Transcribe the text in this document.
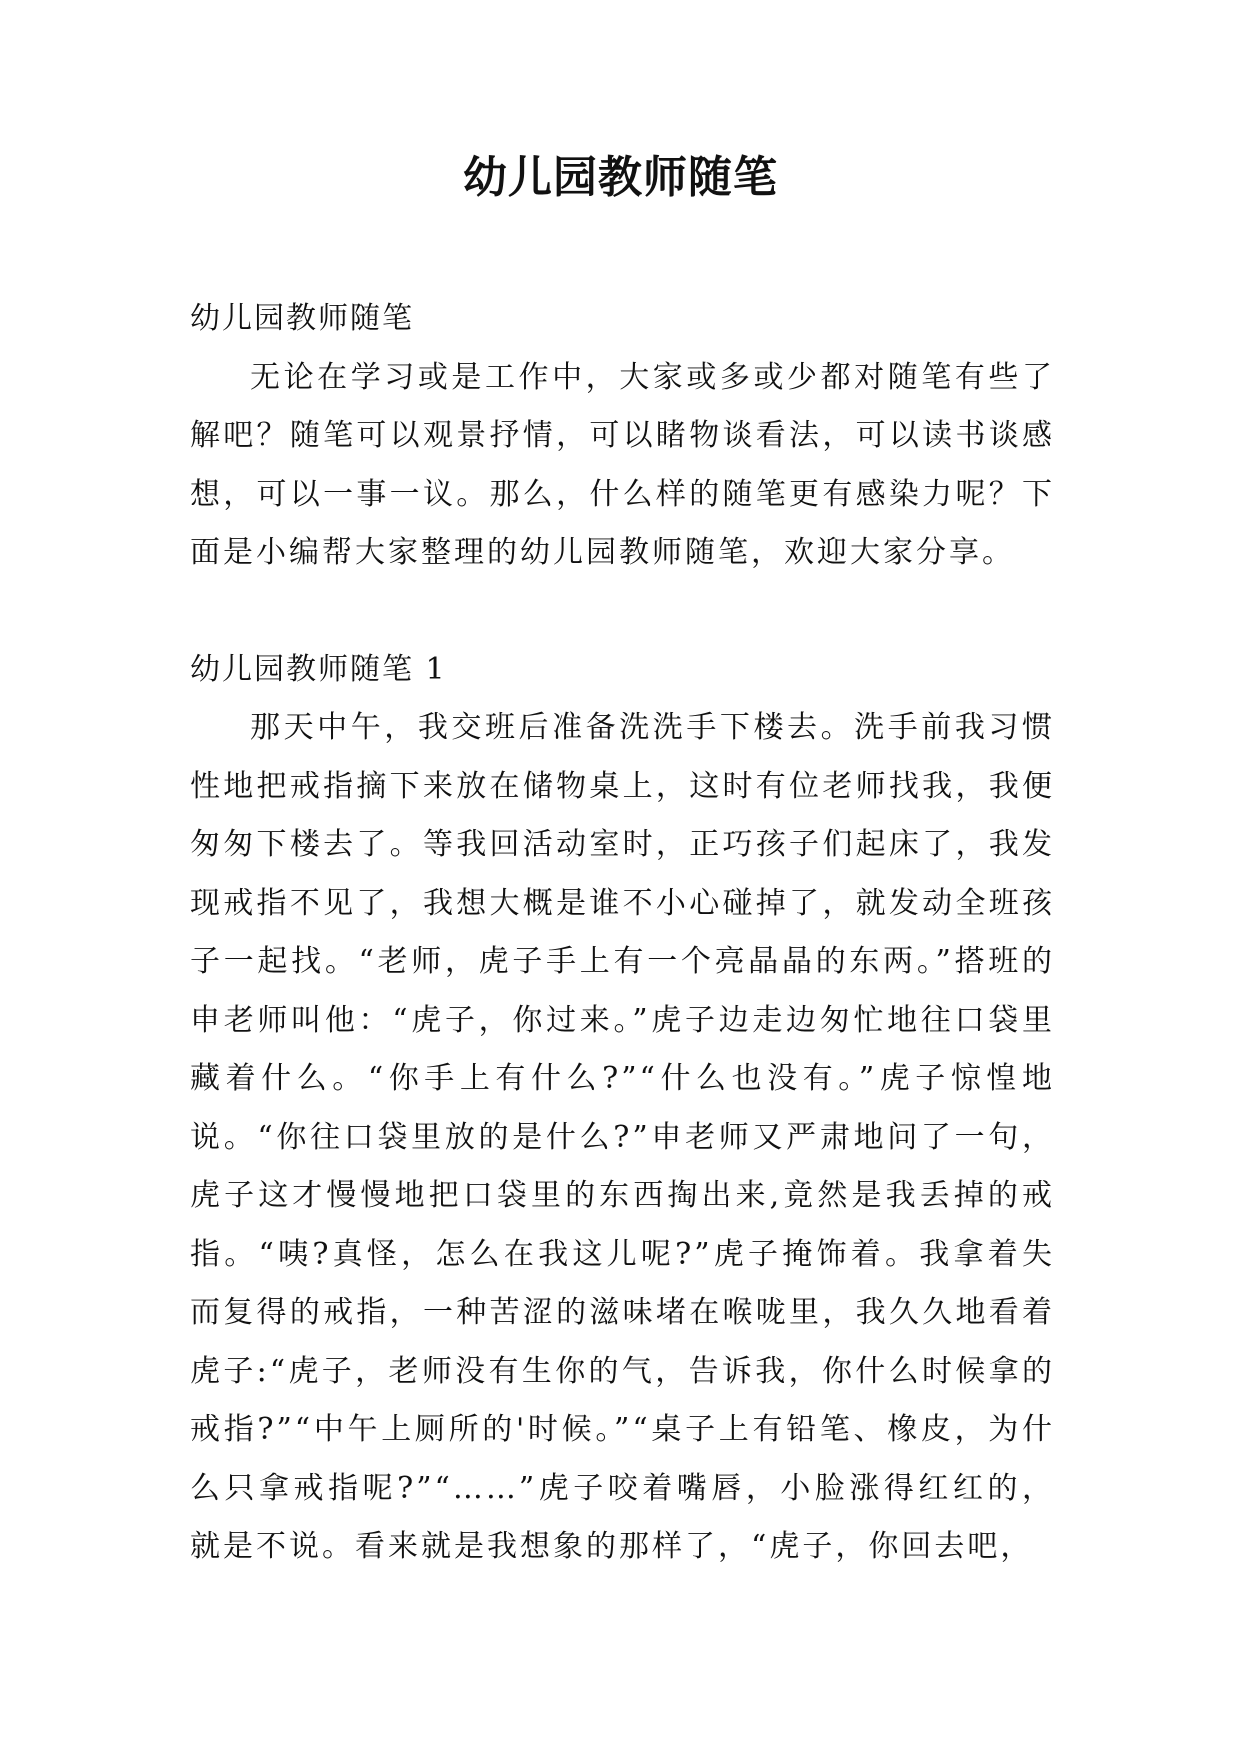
幼儿园教师随笔
幼儿园教师随笔

无论在学习或是工作中，大家或多或少都对随笔有些了解吧？随笔可以观景抒情，可以睹物谈看法，可以读书谈感想，可以一事一议。那么，什么样的随笔更有感染力呢？下面是小编帮大家整理的幼儿园教师随笔，欢迎大家分享。

幼儿园教师随笔 1

那天中午，我交班后准备洗洗手下楼去。洗手前我习惯性地把戒指摘下来放在储物桌上，这时有位老师找我，我便匆匆下楼去了。等我回活动室时，正巧孩子们起床了，我发现戒指不见了，我想大概是谁不小心碰掉了，就发动全班孩子一起找。“老师，虎子手上有一个亮晶晶的东两。”搭班的申老师叫他：“虎子，你过来。”虎子边走边匆忙地往口袋里藏着什么。“你手上有什么?”“什么也没有。”虎子惊惶地说。“你往口袋里放的是什么?”申老师又严肃地问了一句，虎子这才慢慢地把口袋里的东西掏出来,竟然是我丢掉的戒指。“咦?真怪，怎么在我这儿呢?”虎子掩饰着。我拿着失而复得的戒指，一种苦涩的滋味堵在喉咙里，我久久地看着虎子:“虎子，老师没有生你的气，告诉我，你什么时候拿的戒指?”“中午上厕所的'时候。”“桌子上有铅笔、橡皮，为什么只拿戒指呢?”“……”虎子咬着嘴唇，小脸涨得红红的，就是不说。看来就是我想象的那样了，“虎子，你回去吧，
